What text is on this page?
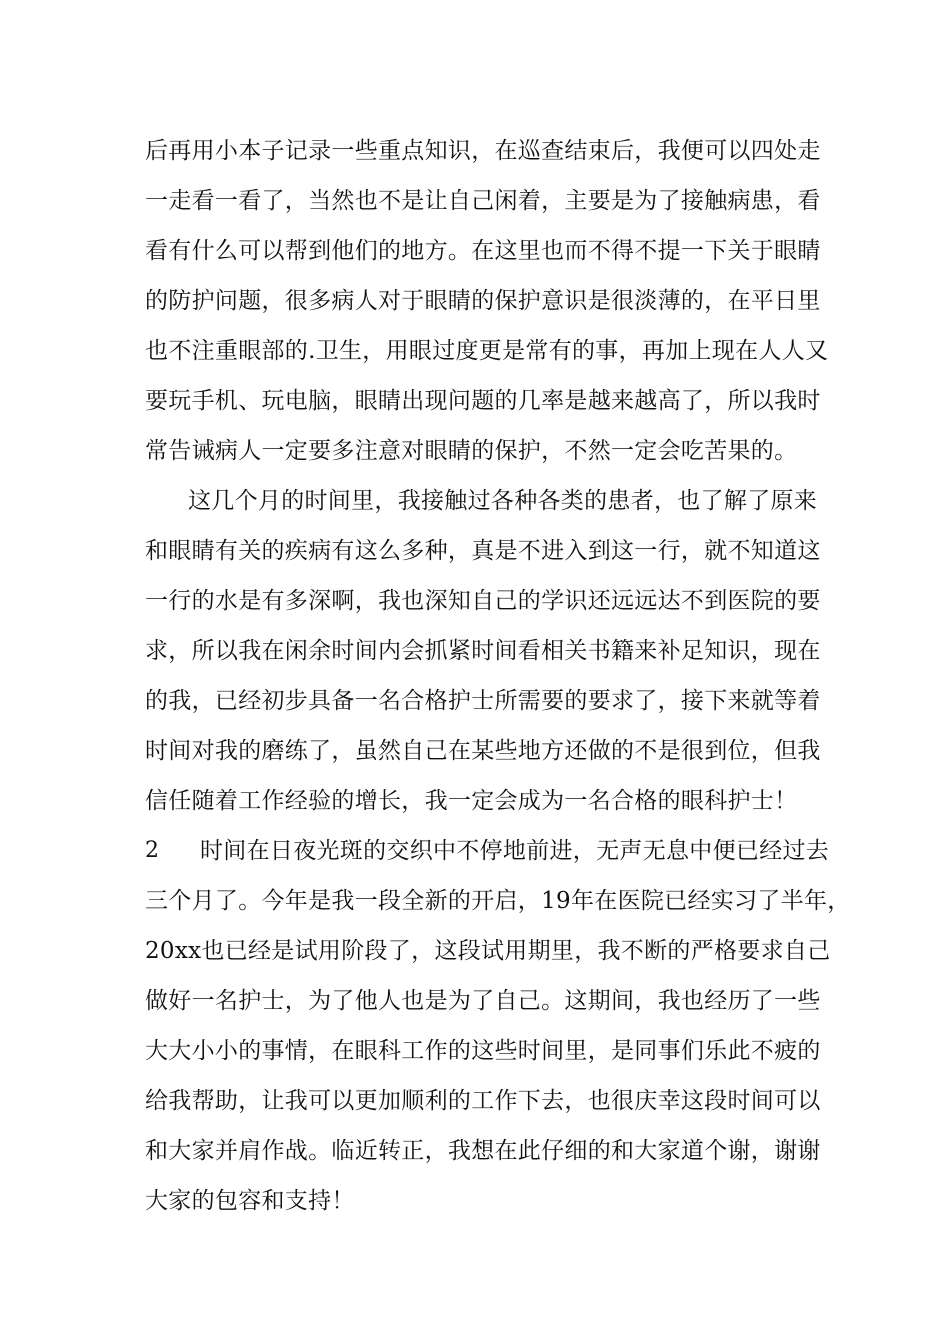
后再用小本子记录一些重点知识，在巡查结束后，我便可以四处走
一走看一看了，当然也不是让自己闲着，主要是为了接触病患，看
看有什么可以帮到他们的地方。在这里也而不得不提一下关于眼睛
的防护问题，很多病人对于眼睛的保护意识是很淡薄的，在平日里
也不注重眼部的.卫生，用眼过度更是常有的事，再加上现在人人又
要玩手机、玩电脑，眼睛出现问题的几率是越来越高了，所以我时
常告诫病人一定要多注意对眼睛的保护，不然一定会吃苦果的。
这几个月的时间里，我接触过各种各类的患者，也了解了原来
和眼睛有关的疾病有这么多种，真是不进入到这一行，就不知道这
一行的水是有多深啊，我也深知自己的学识还远远达不到医院的要
求，所以我在闲余时间内会抓紧时间看相关书籍来补足知识，现在
的我，已经初步具备一名合格护士所需要的要求了，接下来就等着
时间对我的磨练了，虽然自己在某些地方还做的不是很到位，但我
信任随着工作经验的增长，我一定会成为一名合格的眼科护士！
2 时间在日夜光斑的交织中不停地前进，无声无息中便已经过去
三个月了。今年是我一段全新的开启，19年在医院已经实习了半年，
20xx也已经是试用阶段了，这段试用期里，我不断的严格要求自己
做好一名护士，为了他人也是为了自己。这期间，我也经历了一些
大大小小的事情，在眼科工作的这些时间里，是同事们乐此不疲的
给我帮助，让我可以更加顺利的工作下去，也很庆幸这段时间可以
和大家并肩作战。临近转正，我想在此仔细的和大家道个谢，谢谢
大家的包容和支持！
